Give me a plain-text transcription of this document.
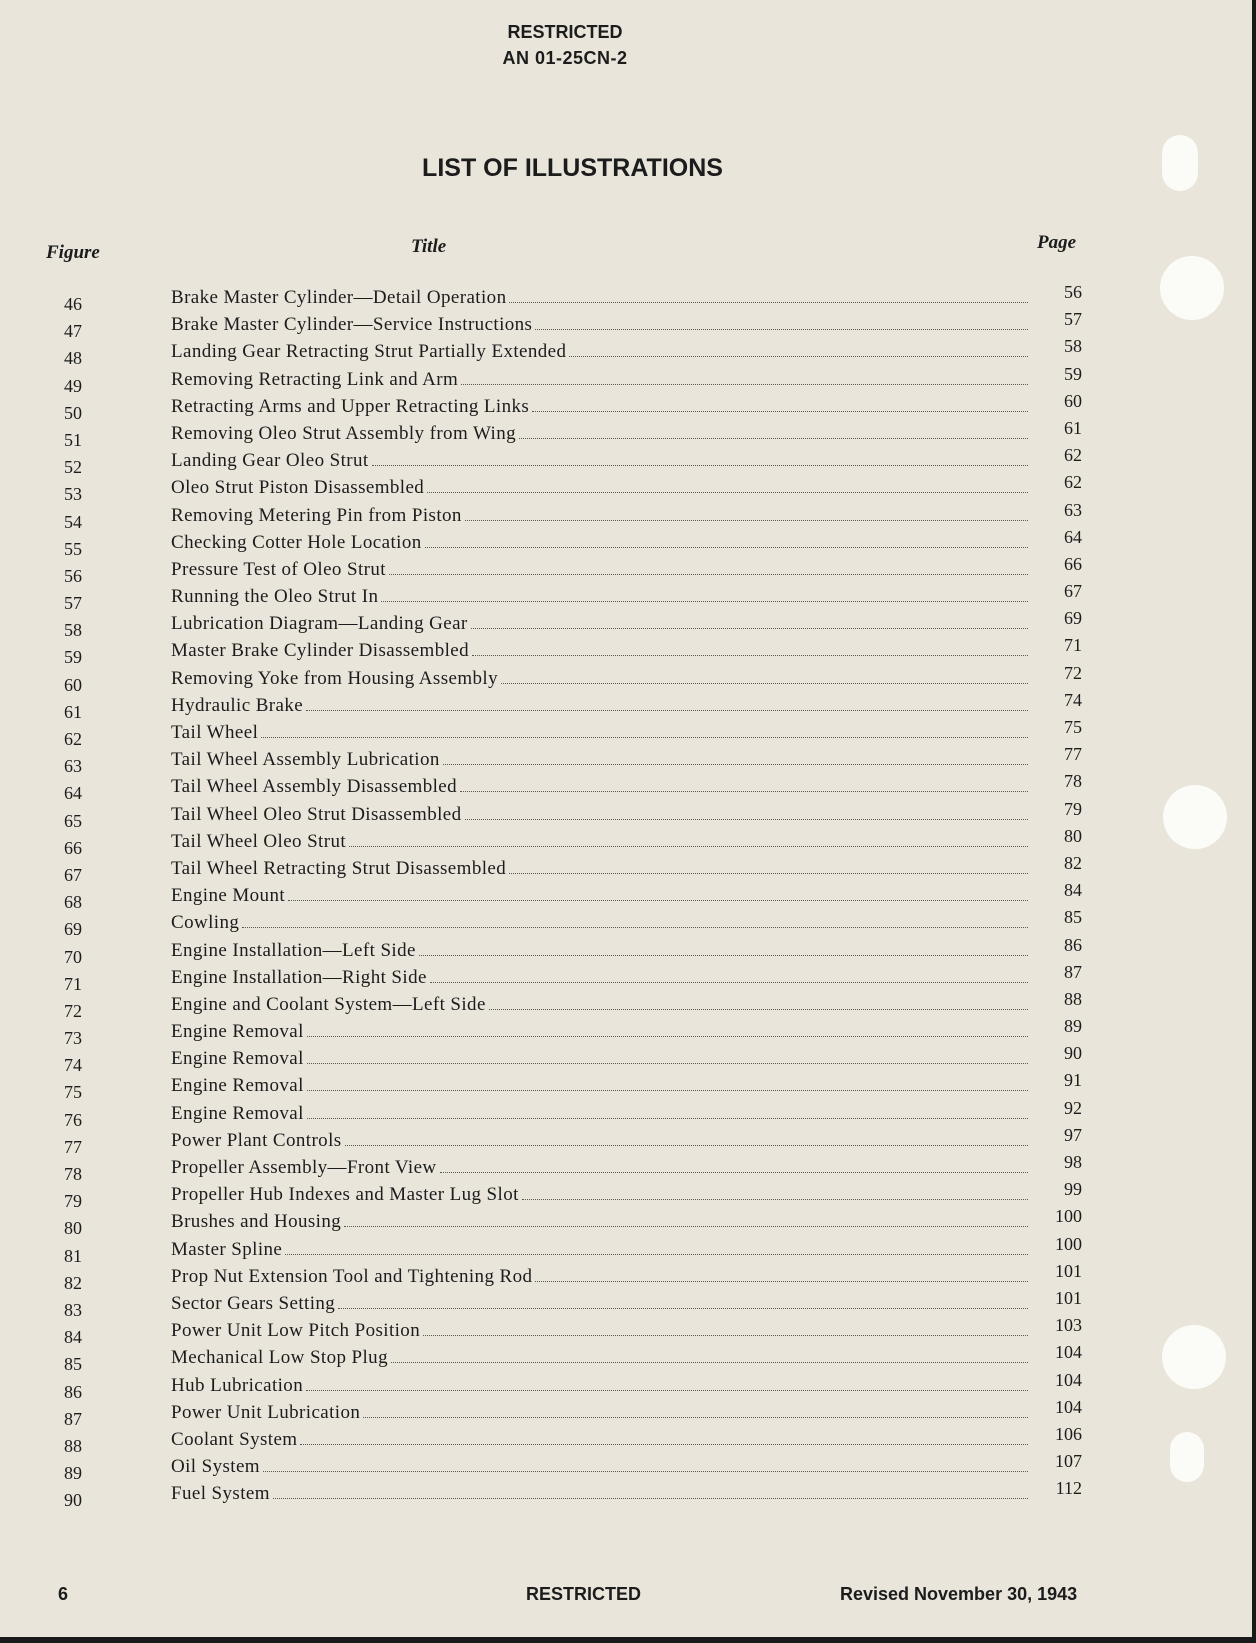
RESTRICTED
AN 01-25CN-2
LIST OF ILLUSTRATIONS
Figure	Title	Page
46	Brake Master Cylinder—Detail Operation	56
47	Brake Master Cylinder—Service Instructions	57
48	Landing Gear Retracting Strut Partially Extended	58
49	Removing Retracting Link and Arm	59
50	Retracting Arms and Upper Retracting Links	60
51	Removing Oleo Strut Assembly from Wing	61
52	Landing Gear Oleo Strut	62
53	Oleo Strut Piston Disassembled	62
54	Removing Metering Pin from Piston	63
55	Checking Cotter Hole Location	64
56	Pressure Test of Oleo Strut	66
57	Running the Oleo Strut In	67
58	Lubrication Diagram—Landing Gear	69
59	Master Brake Cylinder Disassembled	71
60	Removing Yoke from Housing Assembly	72
61	Hydraulic Brake	74
62	Tail Wheel	75
63	Tail Wheel Assembly Lubrication	77
64	Tail Wheel Assembly Disassembled	78
65	Tail Wheel Oleo Strut Disassembled	79
66	Tail Wheel Oleo Strut	80
67	Tail Wheel Retracting Strut Disassembled	82
68	Engine Mount	84
69	Cowling	85
70	Engine Installation—Left Side	86
71	Engine Installation—Right Side	87
72	Engine and Coolant System—Left Side	88
73	Engine Removal	89
74	Engine Removal	90
75	Engine Removal	91
76	Engine Removal	92
77	Power Plant Controls	97
78	Propeller Assembly—Front View	98
79	Propeller Hub Indexes and Master Lug Slot	99
80	Brushes and Housing	100
81	Master Spline	100
82	Prop Nut Extension Tool and Tightening Rod	101
83	Sector Gears Setting	101
84	Power Unit Low Pitch Position	103
85	Mechanical Low Stop Plug	104
86	Hub Lubrication	104
87	Power Unit Lubrication	104
88	Coolant System	106
89	Oil System	107
90	Fuel System	112
6	RESTRICTED	Revised November 30, 1943
